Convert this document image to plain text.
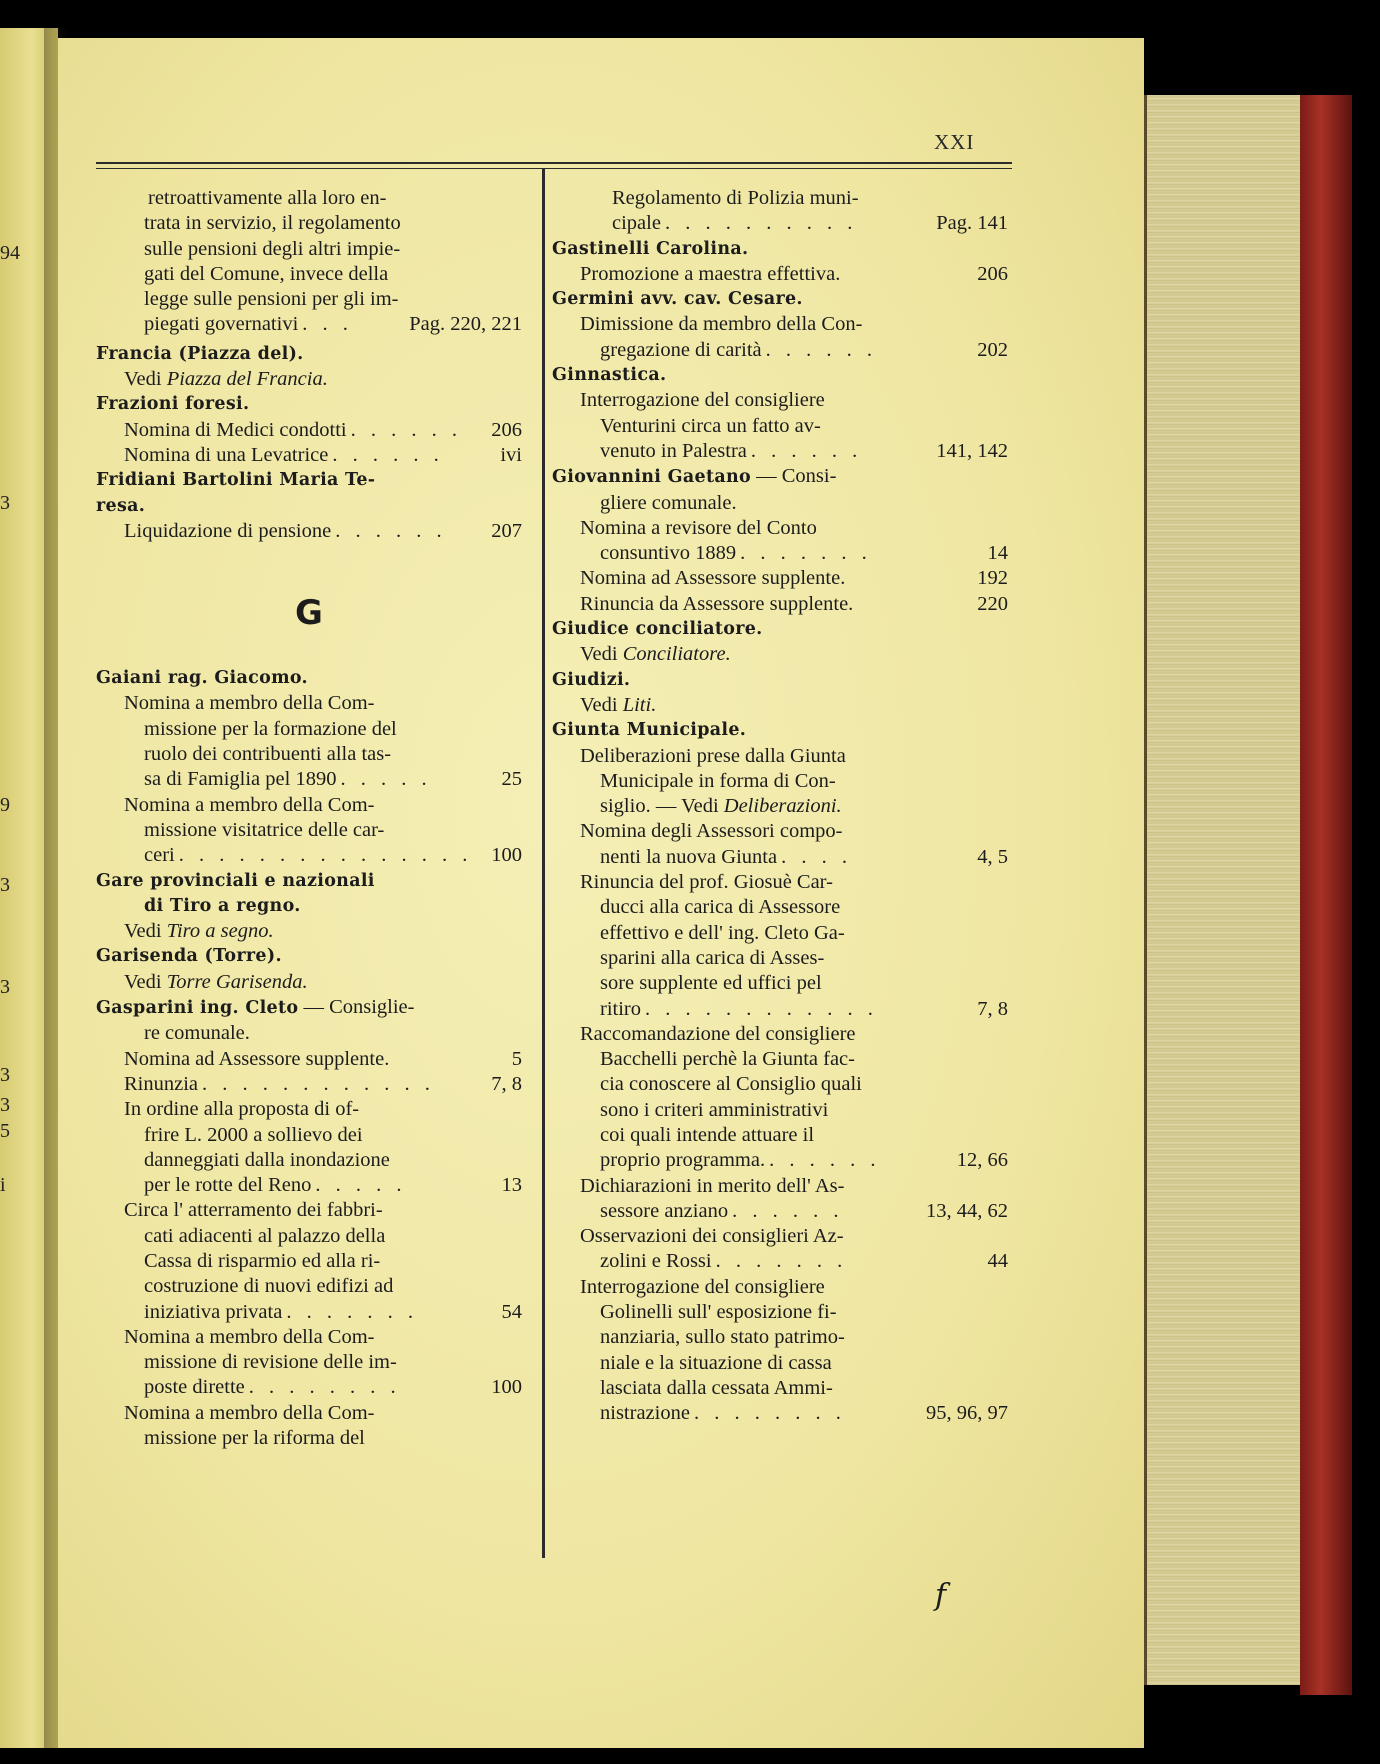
94
3
9
3
3
3
3
5
i
XXI
retroattivamente alla loro en-
trata in servizio, il regolamento
sulle pensioni degli altri impie-
gati del Comune, invece della
legge sulle pensioni per gli im-
piegati governativi . . .	Pag. 220, 221
Francia (Piazza del).
Vedi Piazza del Francia.
Frazioni foresi.
Nomina di Medici condotti . . . . . .	206
Nomina di una Levatrice . . . . . .	ivi
Fridiani Bartolini Maria Te-
resa.
Liquidazione di pensione . . . . . .	207
G
Gaiani rag. Giacomo.
Nomina a membro della Com-
missione per la formazione del
ruolo dei contribuenti alla tas-
sa di Famiglia pel 1890 . . . . .	25
Nomina a membro della Com-
missione visitatrice delle car-
ceri . . . . . . . . . . . . . . . 100
Gare provinciali e nazionali
di Tiro a regno.
Vedi Tiro a segno.
Garisenda (Torre).
Vedi Torre Garisenda.
Gasparini ing. Cleto — Consiglie-
re comunale.
Nomina ad Assessore supplente.	5
Rinunzia . . . . . . . . . . . .	7, 8
In ordine alla proposta di of-
frire L. 2000 a sollievo dei
danneggiati dalla inondazione
per le rotte del Reno . . . . .	13
Circa l' atterramento dei fabbri-
cati adiacenti al palazzo della
Cassa di risparmio ed alla ri-
costruzione di nuovi edifizi ad
iniziativa privata . . . . . . .	54
Nomina a membro della Com-
missione di revisione delle im-
poste dirette . . . . . . . .	100
Nomina a membro della Com-
missione per la riforma del
Regolamento di Polizia muni-
cipale . . . . . . . . . .	Pag. 141
Gastinelli Carolina.
Promozione a maestra effettiva.	206
Germini avv. cav. Cesare.
Dimissione da membro della Con-
gregazione di carità . . . . . .	202
Ginnastica.
Interrogazione del consigliere
Venturini circa un fatto av-
venuto in Palestra . . . . . .	141, 142
Giovannini Gaetano — Consi-
gliere comunale.
Nomina a revisore del Conto
consuntivo 1889 . . . . . . .	14
Nomina ad Assessore supplente.	192
Rinuncia da Assessore supplente.	220
Giudice conciliatore.
Vedi Conciliatore.
Giudizi.
Vedi Liti.
Giunta Municipale.
Deliberazioni prese dalla Giunta
Municipale in forma di Con-
siglio. — Vedi Deliberazioni.
Nomina degli Assessori compo-
nenti la nuova Giunta . . . .	4, 5
Rinuncia del prof. Giosuè Car-
ducci alla carica di Assessore
effettivo e dell' ing. Cleto Ga-
sparini alla carica di Asses-
sore supplente ed uffici pel
ritiro . . . . . . . . . . . .	7, 8
Raccomandazione del consigliere
Bacchelli perchè la Giunta fac-
cia conoscere al Consiglio quali
sono i criteri amministrativi
coi quali intende attuare il
proprio programma. . . . . . .	12, 66
Dichiarazioni in merito dell' As-
sessore anziano . . . . . .	13, 44, 62
Osservazioni dei consiglieri Az-
zolini e Rossi . . . . . . .	44
Interrogazione del consigliere
Golinelli sull' esposizione fi-
nanziaria, sullo stato patrimo-
niale e la situazione di cassa
lasciata dalla cessata Ammi-
nistrazione . . . . . . . .	95, 96, 97
f
